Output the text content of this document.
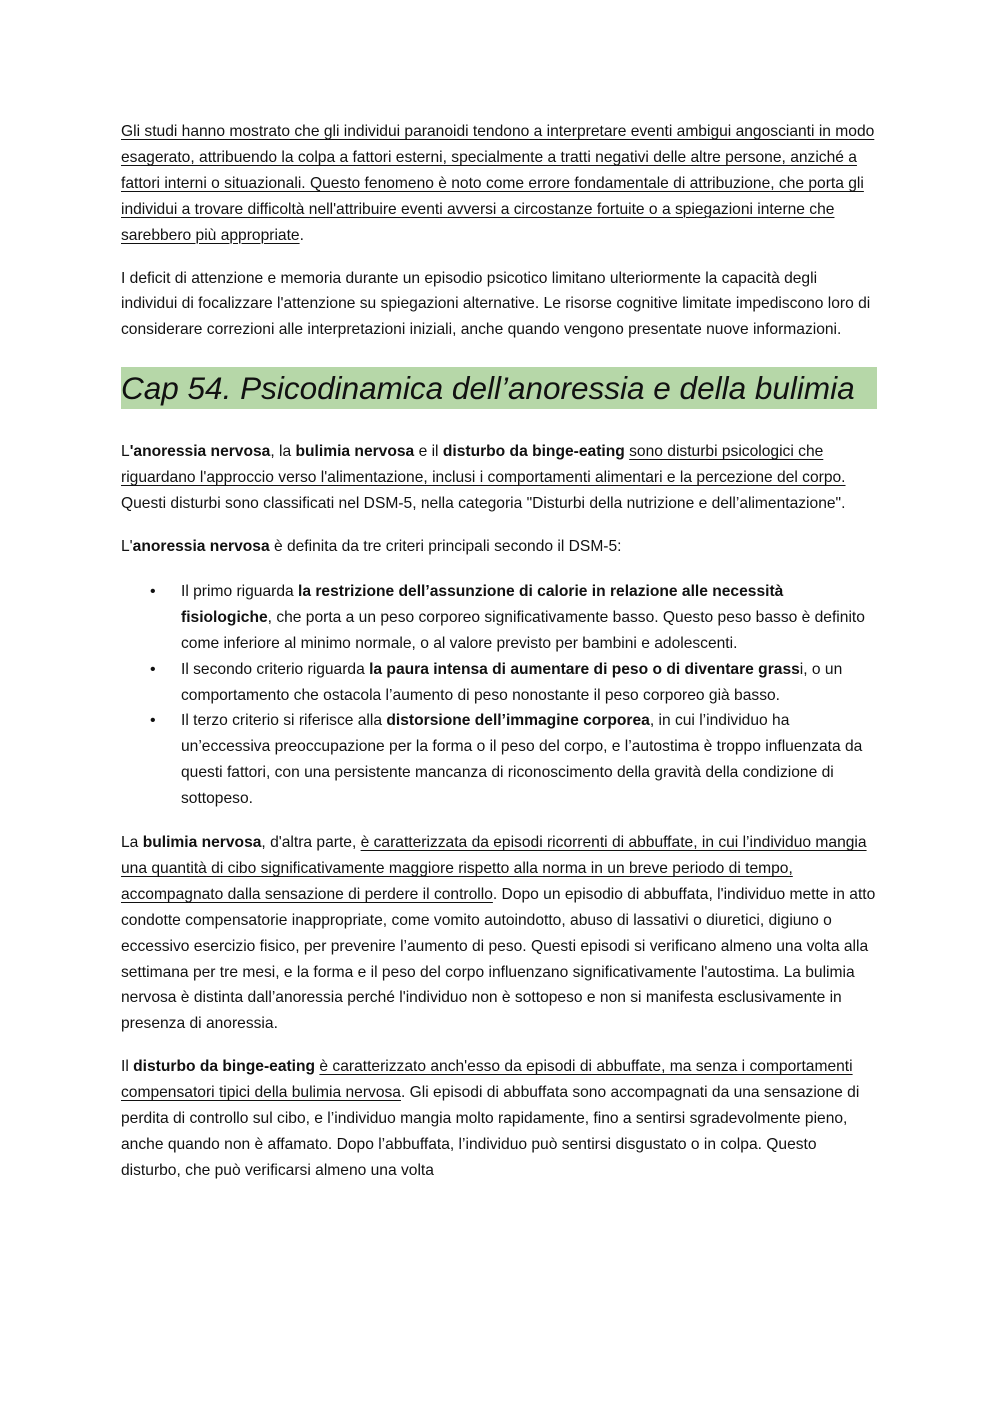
Gli studi hanno mostrato che gli individui paranoidi tendono a interpretare eventi ambigui angoscianti in modo esagerato, attribuendo la colpa a fattori esterni, specialmente a tratti negativi delle altre persone, anziché a fattori interni o situazionali. Questo fenomeno è noto come errore fondamentale di attribuzione, che porta gli individui a trovare difficoltà nell'attribuire eventi avversi a circostanze fortuite o a spiegazioni interne che sarebbero più appropriate.

I deficit di attenzione e memoria durante un episodio psicotico limitano ulteriormente la capacità degli individui di focalizzare l'attenzione su spiegazioni alternative. Le risorse cognitive limitate impediscono loro di considerare correzioni alle interpretazioni iniziali, anche quando vengono presentate nuove informazioni.

Cap 54. Psicodinamica dell’anoressia e della bulimia

L'anoressia nervosa, la bulimia nervosa e il disturbo da binge-eating sono disturbi psicologici che riguardano l'approccio verso l'alimentazione, inclusi i comportamenti alimentari e la percezione del corpo. Questi disturbi sono classificati nel DSM-5, nella categoria "Disturbi della nutrizione e dell’alimentazione".

L'anoressia nervosa è definita da tre criteri principali secondo il DSM-5:

• Il primo riguarda la restrizione dell’assunzione di calorie in relazione alle necessità fisiologiche, che porta a un peso corporeo significativamente basso. Questo peso basso è definito come inferiore al minimo normale, o al valore previsto per bambini e adolescenti.
• Il secondo criterio riguarda la paura intensa di aumentare di peso o di diventare grassi, o un comportamento che ostacola l’aumento di peso nonostante il peso corporeo già basso.
• Il terzo criterio si riferisce alla distorsione dell’immagine corporea, in cui l’individuo ha un’eccessiva preoccupazione per la forma o il peso del corpo, e l’autostima è troppo influenzata da questi fattori, con una persistente mancanza di riconoscimento della gravità della condizione di sottopeso.

La bulimia nervosa, d'altra parte, è caratterizzata da episodi ricorrenti di abbuffate, in cui l’individuo mangia una quantità di cibo significativamente maggiore rispetto alla norma in un breve periodo di tempo, accompagnato dalla sensazione di perdere il controllo. Dopo un episodio di abbuffata, l'individuo mette in atto condotte compensatorie inappropriate, come vomito autoindotto, abuso di lassativi o diuretici, digiuno o eccessivo esercizio fisico, per prevenire l’aumento di peso. Questi episodi si verificano almeno una volta alla settimana per tre mesi, e la forma e il peso del corpo influenzano significativamente l'autostima. La bulimia nervosa è distinta dall’anoressia perché l'individuo non è sottopeso e non si manifesta esclusivamente in presenza di anoressia.

Il disturbo da binge-eating è caratterizzato anch'esso da episodi di abbuffate, ma senza i comportamenti compensatori tipici della bulimia nervosa. Gli episodi di abbuffata sono accompagnati da una sensazione di perdita di controllo sul cibo, e l’individuo mangia molto rapidamente, fino a sentirsi sgradevolmente pieno, anche quando non è affamato. Dopo l’abbuffata, l’individuo può sentirsi disgustato o in colpa. Questo disturbo, che può verificarsi almeno una volta
